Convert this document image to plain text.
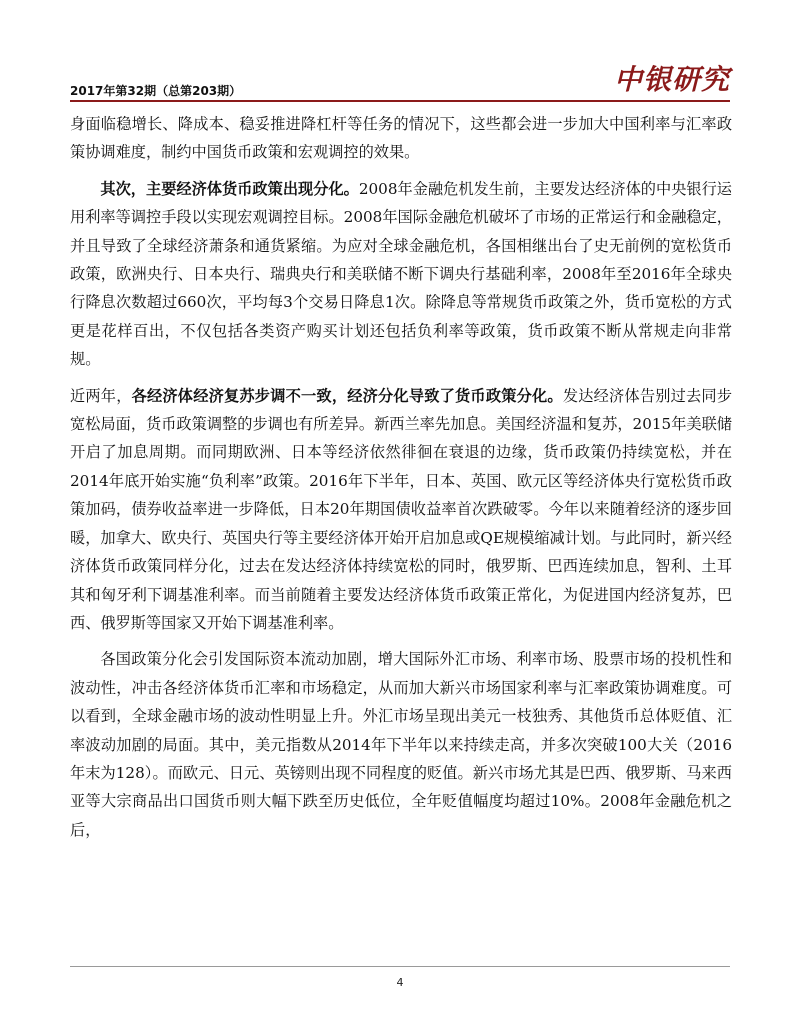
2017年第32期（总第203期）	中银研究

身面临稳增长、降成本、稳妥推进降杠杆等任务的情况下，这些都会进一步加大中国利率与汇率政策协调难度，制约中国货币政策和宏观调控的效果。

其次，主要经济体货币政策出现分化。2008年金融危机发生前，主要发达经济体的中央银行运用利率等调控手段以实现宏观调控目标。2008年国际金融危机破坏了市场的正常运行和金融稳定，并且导致了全球经济萧条和通货紧缩。为应对全球金融危机，各国相继出台了史无前例的宽松货币政策，欧洲央行、日本央行、瑞典央行和美联储不断下调央行基础利率，2008年至2016年全球央行降息次数超过660次，平均每3个交易日降息1次。除降息等常规货币政策之外，货币宽松的方式更是花样百出，不仅包括各类资产购买计划还包括负利率等政策，货币政策不断从常规走向非常规。

近两年，各经济体经济复苏步调不一致，经济分化导致了货币政策分化。发达经济体告别过去同步宽松局面，货币政策调整的步调也有所差异。新西兰率先加息。美国经济温和复苏，2015年美联储开启了加息周期。而同期欧洲、日本等经济依然徘徊在衰退的边缘，货币政策仍持续宽松，并在2014年底开始实施“负利率”政策。2016年下半年，日本、英国、欧元区等经济体央行宽松货币政策加码，债券收益率进一步降低，日本20年期国债收益率首次跌破零。今年以来随着经济的逐步回暖，加拿大、欧央行、英国央行等主要经济体开始开启加息或QE规模缩减计划。与此同时，新兴经济体货币政策同样分化，过去在发达经济体持续宽松的同时，俄罗斯、巴西连续加息，智利、土耳其和匈牙利下调基准利率。而当前随着主要发达经济体货币政策正常化，为促进国内经济复苏，巴西、俄罗斯等国家又开始下调基准利率。

各国政策分化会引发国际资本流动加剧，增大国际外汇市场、利率市场、股票市场的投机性和波动性，冲击各经济体货币汇率和市场稳定，从而加大新兴市场国家利率与汇率政策协调难度。可以看到，全球金融市场的波动性明显上升。外汇市场呈现出美元一枝独秀、其他货币总体贬值、汇率波动加剧的局面。其中，美元指数从2014年下半年以来持续走高，并多次突破100大关（2016年末为128）。而欧元、日元、英镑则出现不同程度的贬值。新兴市场尤其是巴西、俄罗斯、马来西亚等大宗商品出口国货币则大幅下跌至历史低位，全年贬值幅度均超过10%。2008年金融危机之后，

4
